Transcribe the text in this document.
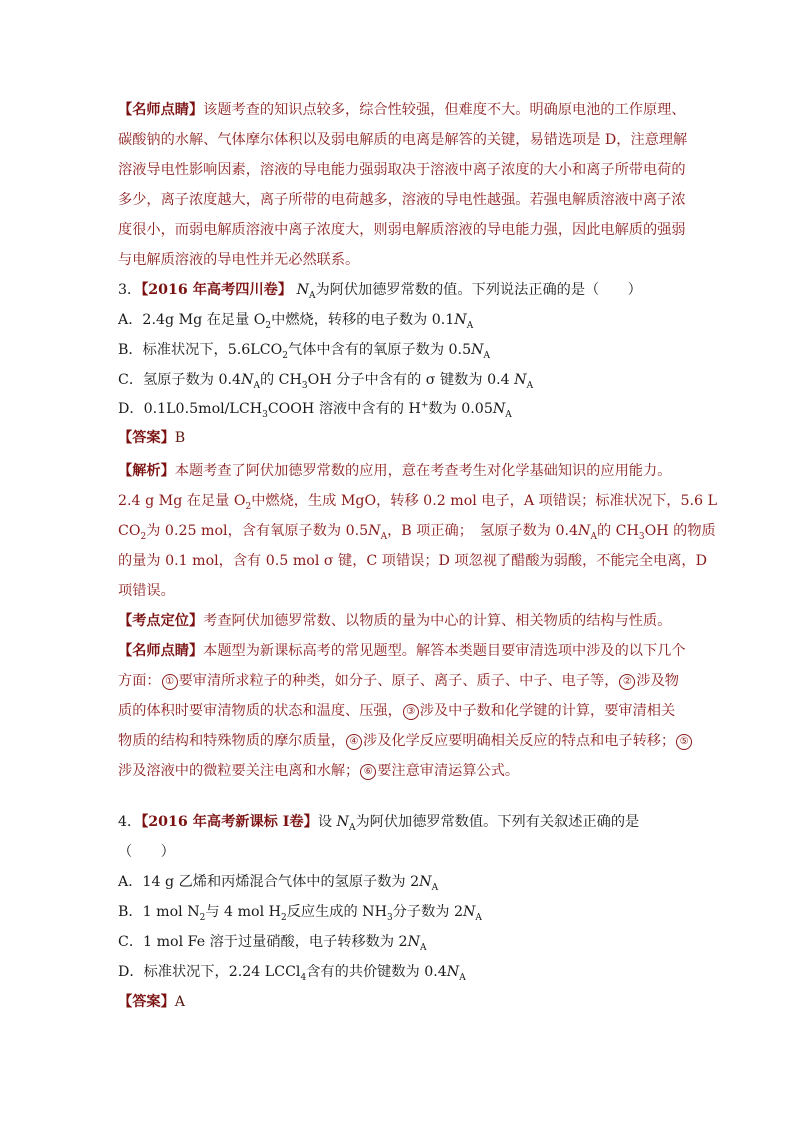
【名师点睛】该题考查的知识点较多，综合性较强，但难度不大。明确原电池的工作原理、
碳酸钠的水解、气体摩尔体积以及弱电解质的电离是解答的关键，易错选项是 D，注意理解
溶液导电性影响因素，溶液的导电能力强弱取决于溶液中离子浓度的大小和离子所带电荷的
多少，离子浓度越大，离子所带的电荷越多，溶液的导电性越强。若强电解质溶液中离子浓
度很小，而弱电解质溶液中离子浓度大，则弱电解质溶液的导电能力强，因此电解质的强弱
与电解质溶液的导电性并无必然联系。
3．【2016 年高考四川卷】 $N_A$为阿伏加德罗常数的值。下列说法正确的是（　　）
A．2.4g Mg 在足量 $O_2$中燃烧，转移的电子数为 $0.1N_A$
B．标准状况下，$5.6LCO_2$气体中含有的氧原子数为 $0.5N_A$
C．氢原子数为 $0.4N_A$的 $CH_3OH$ 分子中含有的 σ 键数为 0.4 $N_A$
D．$0.1L0.5mol/LCH_3COOH$ 溶液中含有的 H+数为 $0.05N_A$
【答案】B
【解析】本题考查了阿伏加德罗常数的应用，意在考查考生对化学基础知识的应用能力。
2.4 g Mg 在足量 $O_2$中燃烧，生成 MgO，转移 0.2 mol 电子，A 项错误；标准状况下，5.6 L
$CO_2$为 0.25 mol，含有氧原子数为 $0.5N_A$，B 项正确；　氢原子数为 $0.4N_A$的 $CH_3OH$ 的物质
的量为 0.1 mol，含有 0.5 mol σ 键，C 项错误；D 项忽视了醋酸为弱酸，不能完全电离，D
项错误。
【考点定位】考查阿伏加德罗常数、以物质的量为中心的计算、相关物质的结构与性质。
【名师点睛】本题型为新课标高考的常见题型。解答本类题目要审清选项中涉及的以下几个
方面： ① 要审清所求粒子的种类，如分子、原子、离子、质子、中子、电子等， ② 涉及物
质的体积时要审清物质的状态和温度、压强， ③ 涉及中子数和化学键的计算，要审清相关
物质的结构和特殊物质的摩尔质量， ④ 涉及化学反应要明确相关反应的特点和电子转移； ⑤
涉及溶液中的微粒要关注电离和水解； ⑥ 要注意审清运算公式。
4．【2016 年高考新课标 Ⅰ卷】设 $N_A$为阿伏加德罗常数值。下列有关叙述正确的是
（　　）
A．14 g 乙烯和丙烯混合气体中的氢原子数为 $2N_A$
B．1 mol $N_2$与 4 mol $H_2$反应生成的 $NH_3$分子数为 $2N_A$
C．1 mol Fe 溶于过量硝酸，电子转移数为 $2N_A$
D．标准状况下，2.24 LCCl$_4$含有的共价键数为 $0.4N_A$
【答案】A
